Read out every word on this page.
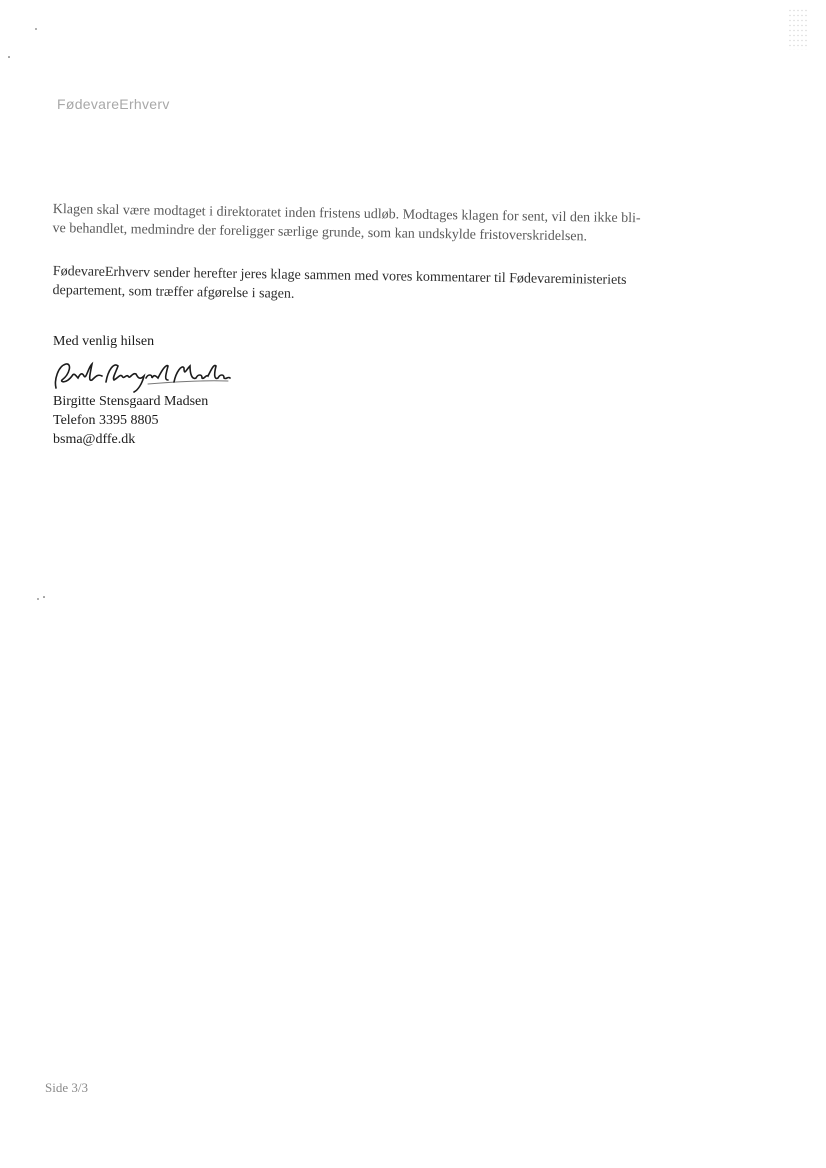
FødevareErhverv
Klagen skal være modtaget i direktoratet inden fristens udløb. Modtages klagen for sent, vil den ikke bli-
ve behandlet, medmindre der foreligger særlige grunde, som kan undskylde fristoverskridelsen.
FødevareErhverv sender herefter jeres klage sammen med vores kommentarer til Fødevareministeriets
departement, som træffer afgørelse i sagen.
Med venlig hilsen
Birgitte Stensgaard Madsen
Telefon 3395 8805
bsma@dffe.dk
Side 3/3
